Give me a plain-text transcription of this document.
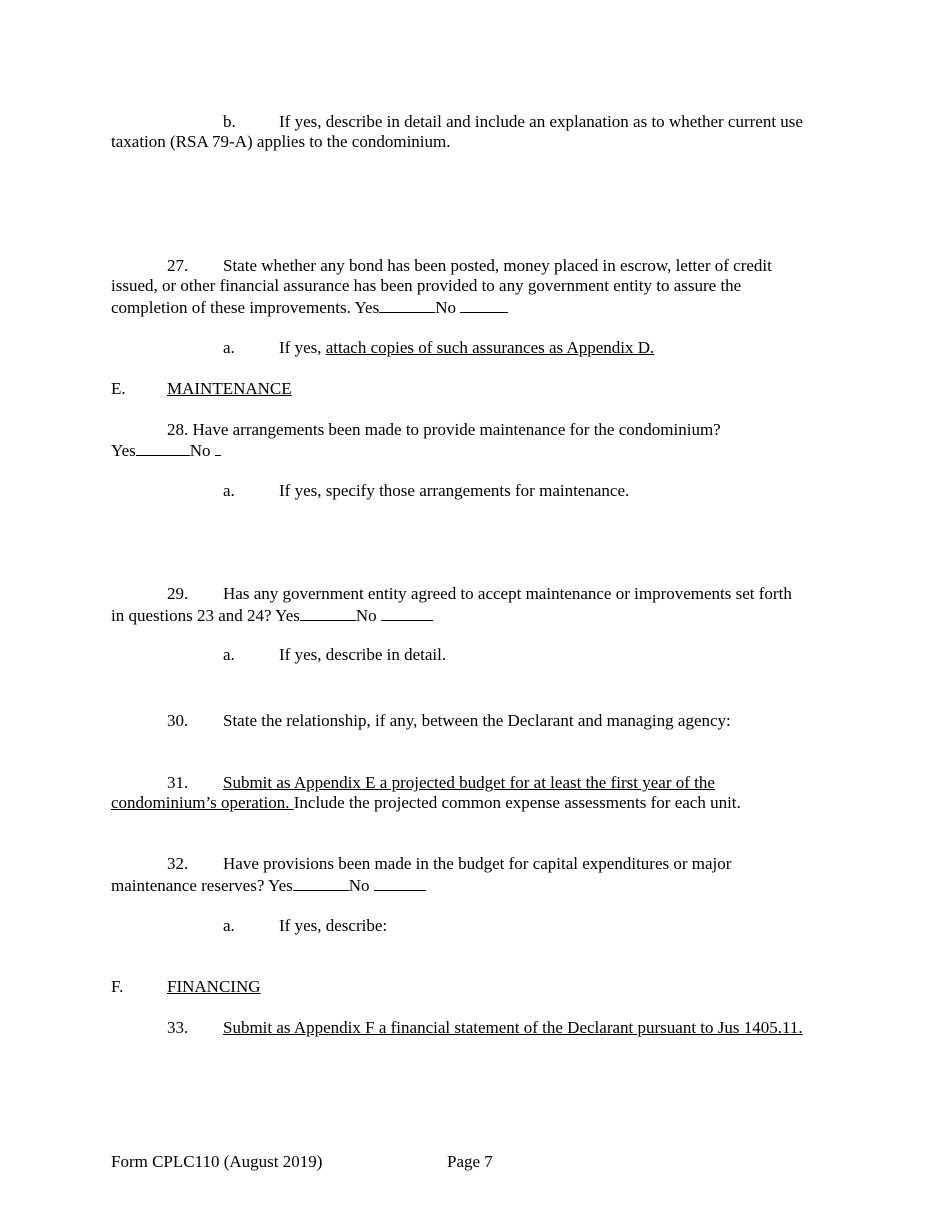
b.	If yes, describe in detail and include an explanation as to whether current use
taxation (RSA 79-A) applies to the condominium.
27. State whether any bond has been posted, money placed in escrow, letter of credit
issued, or other financial assurance has been provided to any government entity to assure the
completion of these improvements. Yes	No
a.	If yes, attach copies of such assurances as Appendix D.
E. MAINTENANCE
28. Have arrangements been made to provide maintenance for the condominium?
Yes	No
a.	If yes, specify those arrangements for maintenance.
29. Has any government entity agreed to accept maintenance or improvements set forth
in questions 23 and 24? Yes	No
a.	If yes, describe in detail.
30. State the relationship, if any, between the Declarant and managing agency:
31. Submit as Appendix E a projected budget for at least the first year of the
condominium’s operation. Include the projected common expense assessments for each unit.
32. Have provisions been made in the budget for capital expenditures or major
maintenance reserves? Yes	No
a.	If yes, describe:
F.	FINANCING
33. Submit as Appendix F a financial statement of the Declarant pursuant to Jus 1405.11.
Form CPLC110 (August 2019)	Page 7
